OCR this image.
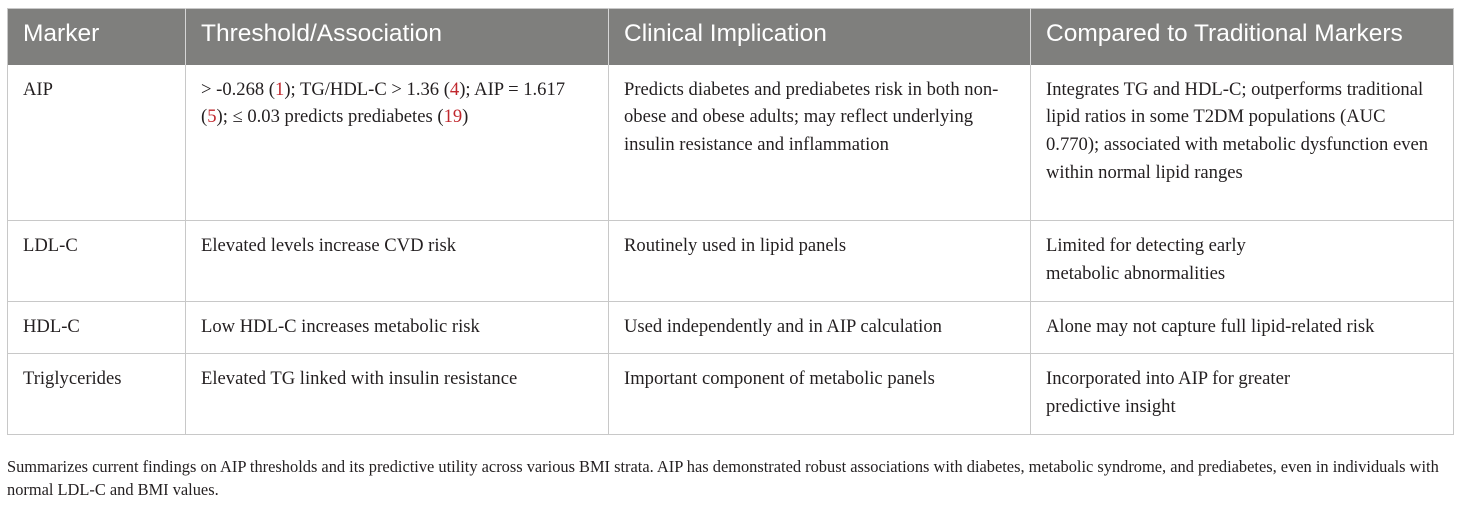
Marker	Threshold/Association	Clinical Implication	Compared to Traditional Markers
AIP	> -0.268 (1); TG/HDL-C > 1.36 (4); AIP = 1.617 (5); ≤ 0.03 predicts prediabetes (19)	Predicts diabetes and prediabetes risk in both non-obese and obese adults; may reflect underlying insulin resistance and inflammation	Integrates TG and HDL-C; outperforms traditional lipid ratios in some T2DM populations (AUC 0.770); associated with metabolic dysfunction even within normal lipid ranges
LDL-C	Elevated levels increase CVD risk	Routinely used in lipid panels	Limited for detecting early
metabolic abnormalities
HDL-C	Low HDL-C increases metabolic risk	Used independently and in AIP calculation	Alone may not capture full lipid-related risk
Triglycerides	Elevated TG linked with insulin resistance	Important component of metabolic panels	Incorporated into AIP for greater
predictive insight
Summarizes current findings on AIP thresholds and its predictive utility across various BMI strata. AIP has demonstrated robust associations with diabetes, metabolic syndrome, and prediabetes, even in individuals with normal LDL-C and BMI values.
